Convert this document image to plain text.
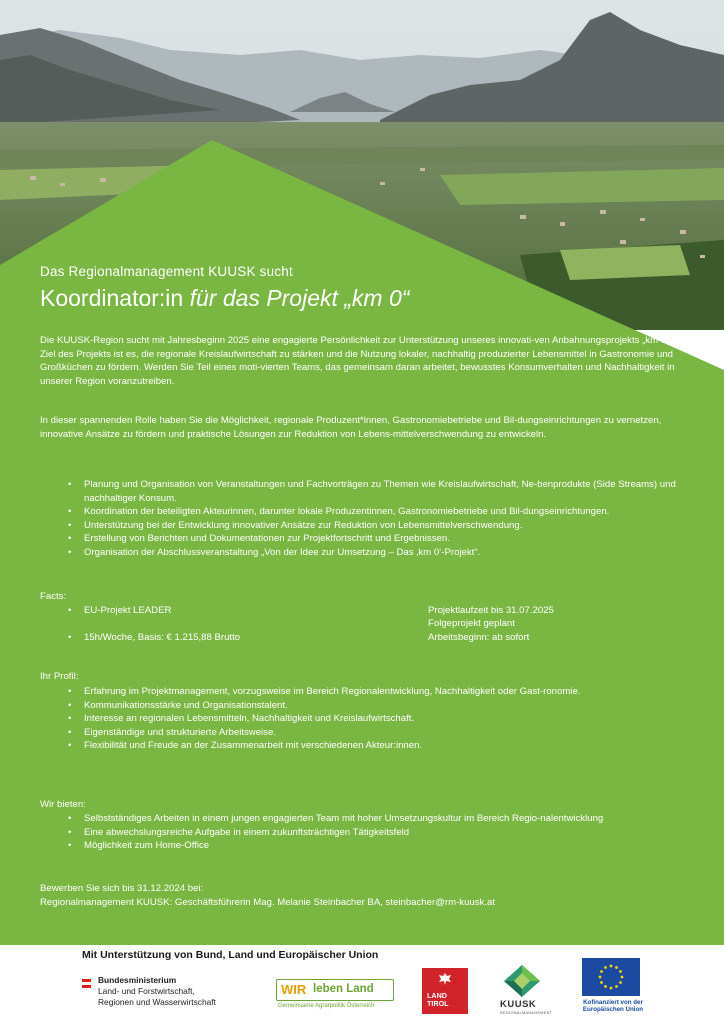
Das Regionalmanagement KUUSK sucht
Koordinator:in für das Projekt „km 0“
Die KUUSK-Region sucht mit Jahresbeginn 2025 eine engagierte Persönlichkeit zur Unterstützung unseres innovati-ven Anbahnungsprojekts „km 0“. Ziel des Projekts ist es, die regionale Kreislaufwirtschaft zu stärken und die Nutzung lokaler, nachhaltig produzierter Lebensmittel in Gastronomie und Großküchen zu fördern. Werden Sie Teil eines moti-vierten Teams, das gemeinsam daran arbeitet, bewusstes Konsumverhalten und Nachhaltigkeit in unserer Region voranzutreiben.
In dieser spannenden Rolle haben Sie die Möglichkeit, regionale Produzent*innen, Gastronomiebetriebe und Bil-dungseinrichtungen zu vernetzen, innovative Ansätze zu fördern und praktische Lösungen zur Reduktion von Lebens-mittelverschwendung zu entwickeln.
• Planung und Organisation von Veranstaltungen und Fachvorträgen zu Themen wie Kreislaufwirtschaft, Ne-benprodukte (Side Streams) und nachhaltiger Konsum.
• Koordination der beteiligten Akteurinnen, darunter lokale Produzentinnen, Gastronomiebetriebe und Bil-dungseinrichtungen.
• Unterstützung bei der Entwicklung innovativer Ansätze zur Reduktion von Lebensmittelverschwendung.
• Erstellung von Berichten und Dokumentationen zur Projektfortschritt und Ergebnissen.
• Organisation der Abschlussveranstaltung „Von der Idee zur Umsetzung – Das ‚km 0‘-Projekt“.
Facts:
• EU-Projekt LEADER
• 15h/Woche, Basis: € 1.215,88 Brutto
Projektlaufzeit bis 31.07.2025
Folgeprojekt geplant
Arbeitsbeginn: ab sofort
Ihr Profil:
• Erfahrung im Projektmanagement, vorzugsweise im Bereich Regionalentwicklung, Nachhaltigkeit oder Gast-ronomie.
• Kommunikationsstärke und Organisationstalent.
• Interesse an regionalen Lebensmitteln, Nachhaltigkeit und Kreislaufwirtschaft.
• Eigenständige und strukturierte Arbeitsweise.
• Flexibilität und Freude an der Zusammenarbeit mit verschiedenen Akteur:innen.
Wir bieten:
• Selbstständiges Arbeiten in einem jungen engagierten Team mit hoher Umsetzungskultur im Bereich Regio-nalentwicklung
• Eine abwechslungsreiche Aufgabe in einem zukunftsträchtigen Tätigkeitsfeld
• Möglichkeit zum Home-Office
Bewerben Sie sich bis 31.12.2024 bei:
Regionalmanagement KUUSK: Geschäftsführerin Mag. Melanie Steinbacher BA, steinbacher@rm-kuusk.at
Mit Unterstützung von Bund, Land und Europäischer Union
Bundesministerium
Land- und Forstwirtschaft,
Regionen und Wasserwirtschaft
WIR leben Land
Gemeinsame Agrarpolitik Österreich
LAND
TIROL	KUUSK
REGIONALMANAGEMENT
Kofinanziert von der
Europäischen Union
